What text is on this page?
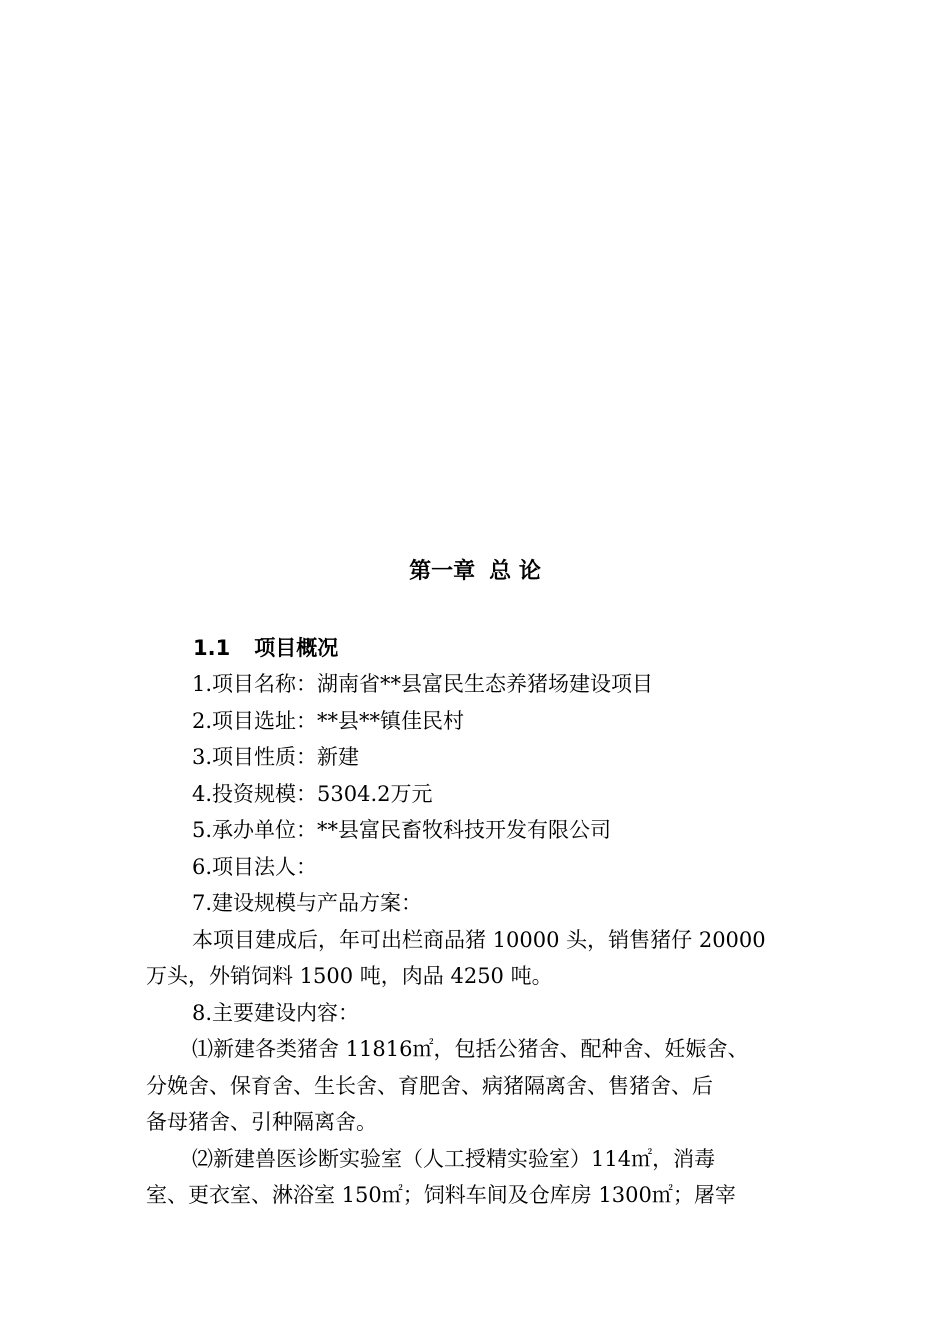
第一章 总 论
1.1 项目概况

1.项目名称：湖南省**县富民生态养猪场建设项目

2.项目选址：**县**镇佳民村

3.项目性质：新建

4.投资规模：5304.2万元

5.承办单位：**县富民畜牧科技开发有限公司

6.项目法人：

7.建设规模与产品方案：

本项目建成后，年可出栏商品猪 10000 头，销售猪仔 20000

万头，外销饲料 1500 吨，肉品 4250 吨。

8.主要建设内容：

⑴新建各类猪舍 11816㎡，包括公猪舍、配种舍、妊娠舍、

分娩舍、保育舍、生长舍、育肥舍、病猪隔离舍、售猪舍、后

备母猪舍、引种隔离舍。

⑵新建兽医诊断实验室（人工授精实验室）114㎡，消毒

室、更衣室、淋浴室 150㎡；饲料车间及仓库房 1300㎡；屠宰
